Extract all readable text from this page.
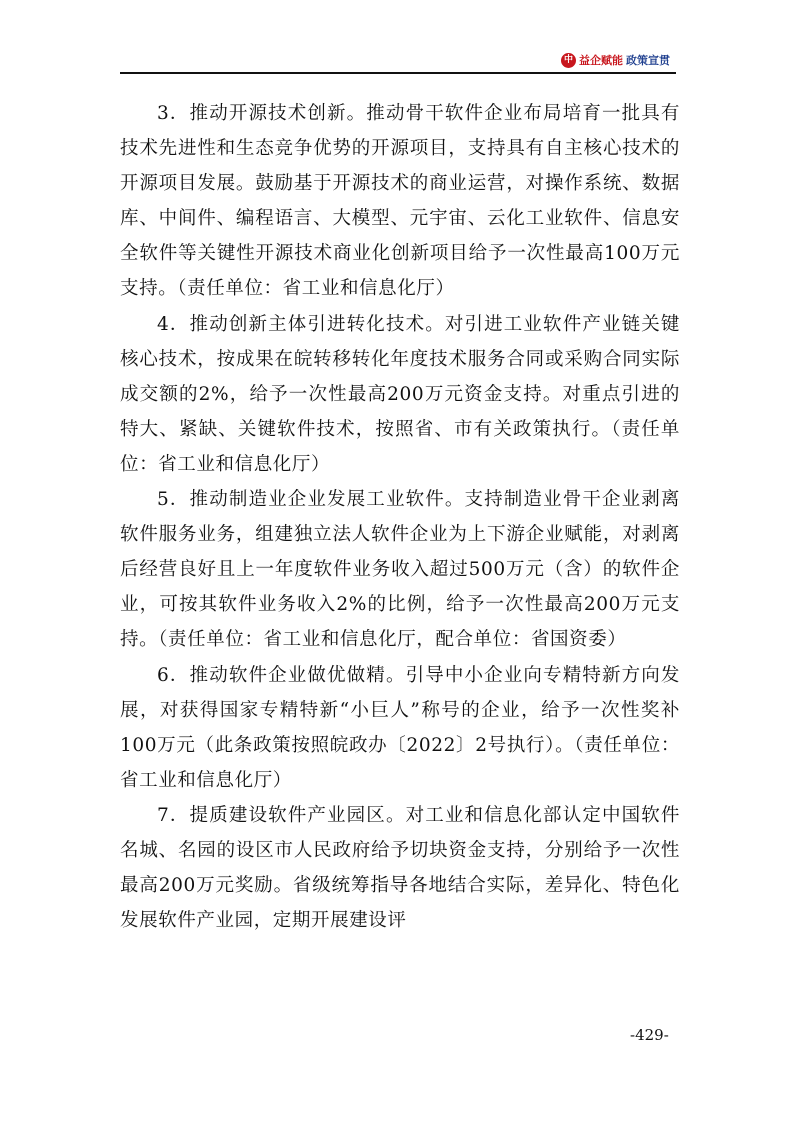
中 益企赋能 政策宣贯

3．推动开源技术创新。推动骨干软件企业布局培育一批具有技术先进性和生态竞争优势的开源项目，支持具有自主核心技术的开源项目发展。鼓励基于开源技术的商业运营，对操作系统、数据库、中间件、编程语言、大模型、元宇宙、云化工业软件、信息安全软件等关键性开源技术商业化创新项目给予一次性最高100万元支持。（责任单位：省工业和信息化厅）

4．推动创新主体引进转化技术。对引进工业软件产业链关键核心技术，按成果在皖转移转化年度技术服务合同或采购合同实际成交额的2%，给予一次性最高200万元资金支持。对重点引进的特大、紧缺、关键软件技术，按照省、市有关政策执行。（责任单位：省工业和信息化厅）

5．推动制造业企业发展工业软件。支持制造业骨干企业剥离软件服务业务，组建独立法人软件企业为上下游企业赋能，对剥离后经营良好且上一年度软件业务收入超过500万元（含）的软件企业，可按其软件业务收入2%的比例，给予一次性最高200万元支持。（责任单位：省工业和信息化厅，配合单位：省国资委）

6．推动软件企业做优做精。引导中小企业向专精特新方向发展，对获得国家专精特新“小巨人”称号的企业，给予一次性奖补100万元（此条政策按照皖政办〔2022〕2号执行）。（责任单位：省工业和信息化厅）

7．提质建设软件产业园区。对工业和信息化部认定中国软件名城、名园的设区市人民政府给予切块资金支持，分别给予一次性最高200万元奖励。省级统筹指导各地结合实际，差异化、特色化发展软件产业园，定期开展建设评

-429-
